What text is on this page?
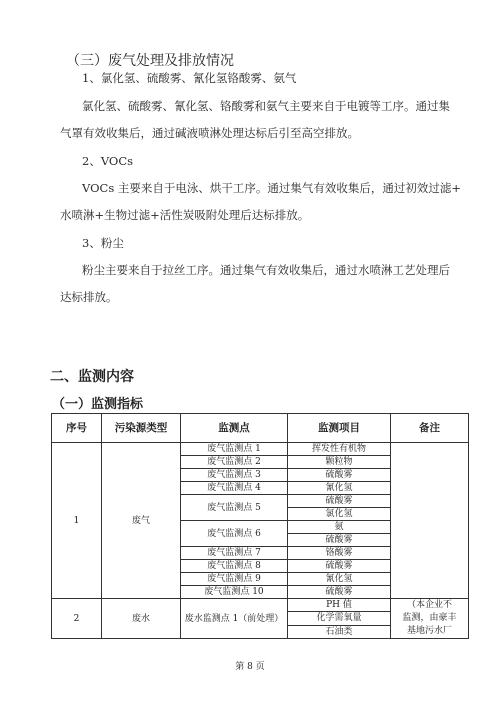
（三）废气处理及排放情况
1、氯化氢、硫酸雾、氰化氢铬酸雾、氨气
氯化氢、硫酸雾、氰化氢、铬酸雾和氨气主要来自于电镀等工序。通过集
气罩有效收集后，通过碱液喷淋处理达标后引至高空排放。
2、VOCs
VOCs 主要来自于电泳、烘干工序。通过集气有效收集后，通过初效过滤+
水喷淋+生物过滤+活性炭吸附处理后达标排放。
3、粉尘
粉尘主要来自于拉丝工序。通过集气有效收集后，通过水喷淋工艺处理后
达标排放。
二、监测内容
（一）监测指标
序号	污染源类型	监测点	监测项目	备注
1	废气	废气监测点 1	挥发性有机物	
		废气监测点 2	颗粒物	
		废气监测点 3	硫酸雾	
		废气监测点 4	氰化氢	
		废气监测点 5	硫酸雾	
			氯化氢	
		废气监测点 6	氨	
			硫酸雾	
		废气监测点 7	铬酸雾	
		废气监测点 8	硫酸雾	
		废气监测点 9	氰化氢	
		废气监测点 10	硫酸雾	
2	废水	废水监测点 1（前处理）	PH 值	（本企业不
监测，由豪丰
基地污水厂

			化学需氧量	
			石油类	
第 8 页
